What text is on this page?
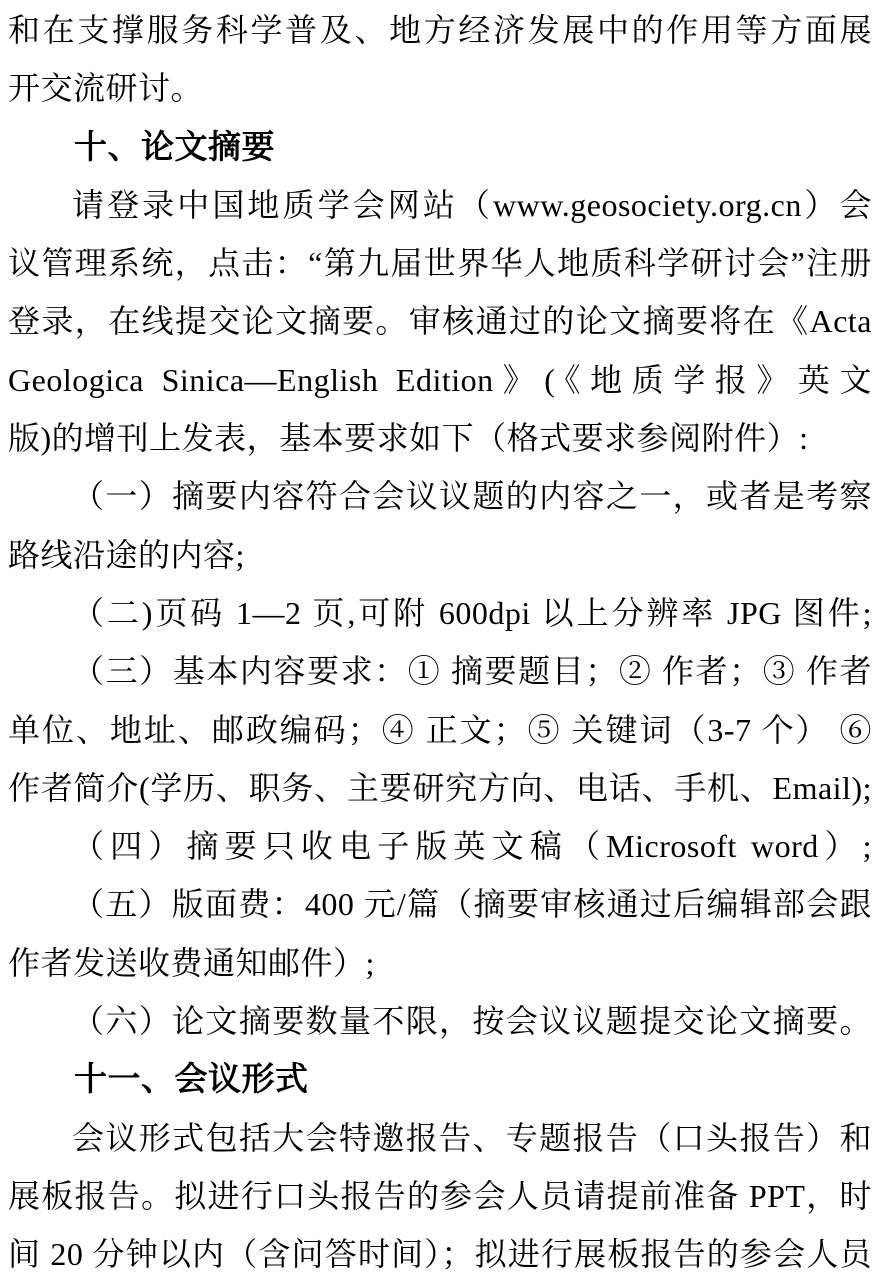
和在支撑服务科学普及、地方经济发展中的作用等方面展
开交流研讨。
十、论文摘要
请登录中国地质学会网站（www.geosociety.org.cn）会
议管理系统，点击：“第九届世界华人地质科学研讨会”注册
登录，在线提交论文摘要。审核通过的论文摘要将在《Acta
Geologica Sinica—English Edition》(《地质学报》英文
版)的增刊上发表，基本要求如下（格式要求参阅附件）:
（一）摘要内容符合会议议题的内容之一，或者是考察
路线沿途的内容;
（二)页码 1—2 页,可附 600dpi 以上分辨率 JPG 图件;
（三）基本内容要求：① 摘要题目；② 作者；③ 作者
单位、地址、邮政编码；④ 正文；⑤ 关键词（3-7 个） ⑥
作者简介(学历、职务、主要研究方向、电话、手机、Email);
（四）摘要只收电子版英文稿（Microsoft word）;
（五）版面费：400 元/篇（摘要审核通过后编辑部会跟
作者发送收费通知邮件）;
（六）论文摘要数量不限，按会议议题提交论文摘要。
十一、会议形式
会议形式包括大会特邀报告、专题报告（口头报告）和
展板报告。拟进行口头报告的参会人员请提前准备 PPT，时
间 20 分钟以内（含问答时间）；拟进行展板报告的参会人员
